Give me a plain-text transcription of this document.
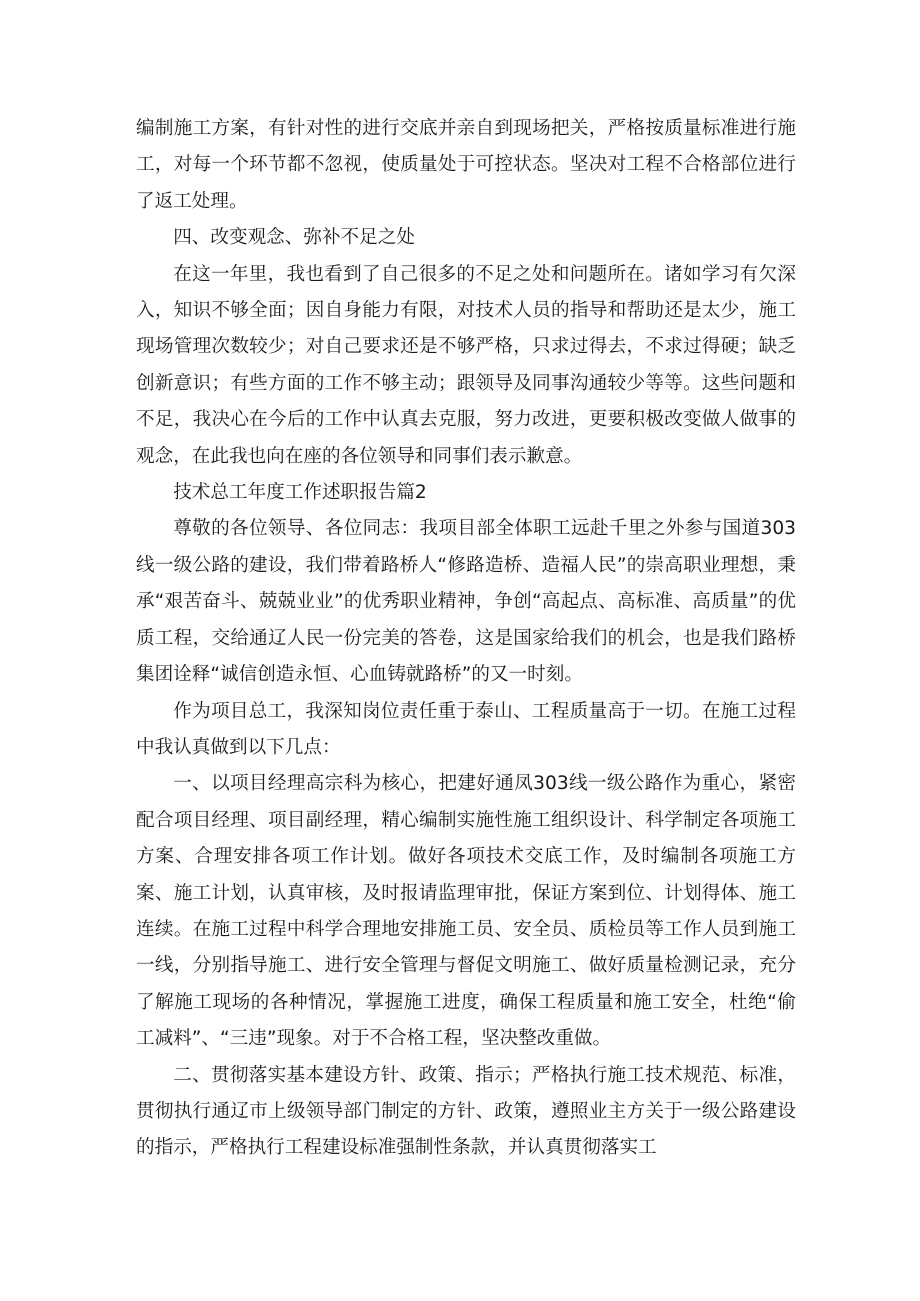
编制施工方案，有针对性的进行交底并亲自到现场把关，严格按质量标准进行施工，对每一个环节都不忽视，使质量处于可控状态。坚决对工程不合格部位进行了返工处理。

四、改变观念、弥补不足之处

在这一年里，我也看到了自己很多的不足之处和问题所在。诸如学习有欠深入，知识不够全面；因自身能力有限，对技术人员的指导和帮助还是太少，施工现场管理次数较少；对自己要求还是不够严格，只求过得去，不求过得硬；缺乏创新意识；有些方面的工作不够主动；跟领导及同事沟通较少等等。这些问题和不足，我决心在今后的工作中认真去克服，努力改进，更要积极改变做人做事的观念，在此我也向在座的各位领导和同事们表示歉意。

技术总工年度工作述职报告篇2

尊敬的各位领导、各位同志：我项目部全体职工远赴千里之外参与国道303线一级公路的建设，我们带着路桥人“修路造桥、造福人民”的崇高职业理想，秉承“艰苦奋斗、兢兢业业”的优秀职业精神，争创“高起点、高标准、高质量”的优质工程，交给通辽人民一份完美的答卷，这是国家给我们的机会，也是我们路桥集团诠释“诚信创造永恒、心血铸就路桥”的又一时刻。

作为项目总工，我深知岗位责任重于泰山、工程质量高于一切。在施工过程中我认真做到以下几点：

一、以项目经理高宗科为核心，把建好通凤303线一级公路作为重心，紧密配合项目经理、项目副经理，精心编制实施性施工组织设计、科学制定各项施工方案、合理安排各项工作计划。做好各项技术交底工作，及时编制各项施工方案、施工计划，认真审核，及时报请监理审批，保证方案到位、计划得体、施工连续。在施工过程中科学合理地安排施工员、安全员、质检员等工作人员到施工一线，分别指导施工、进行安全管理与督促文明施工、做好质量检测记录，充分了解施工现场的各种情况，掌握施工进度，确保工程质量和施工安全，杜绝“偷工减料”、“三违”现象。对于不合格工程，坚决整改重做。

二、贯彻落实基本建设方针、政策、指示；严格执行施工技术规范、标准，贯彻执行通辽市上级领导部门制定的方针、政策，遵照业主方关于一级公路建设的指示，严格执行工程建设标准强制性条款，并认真贯彻落实工
